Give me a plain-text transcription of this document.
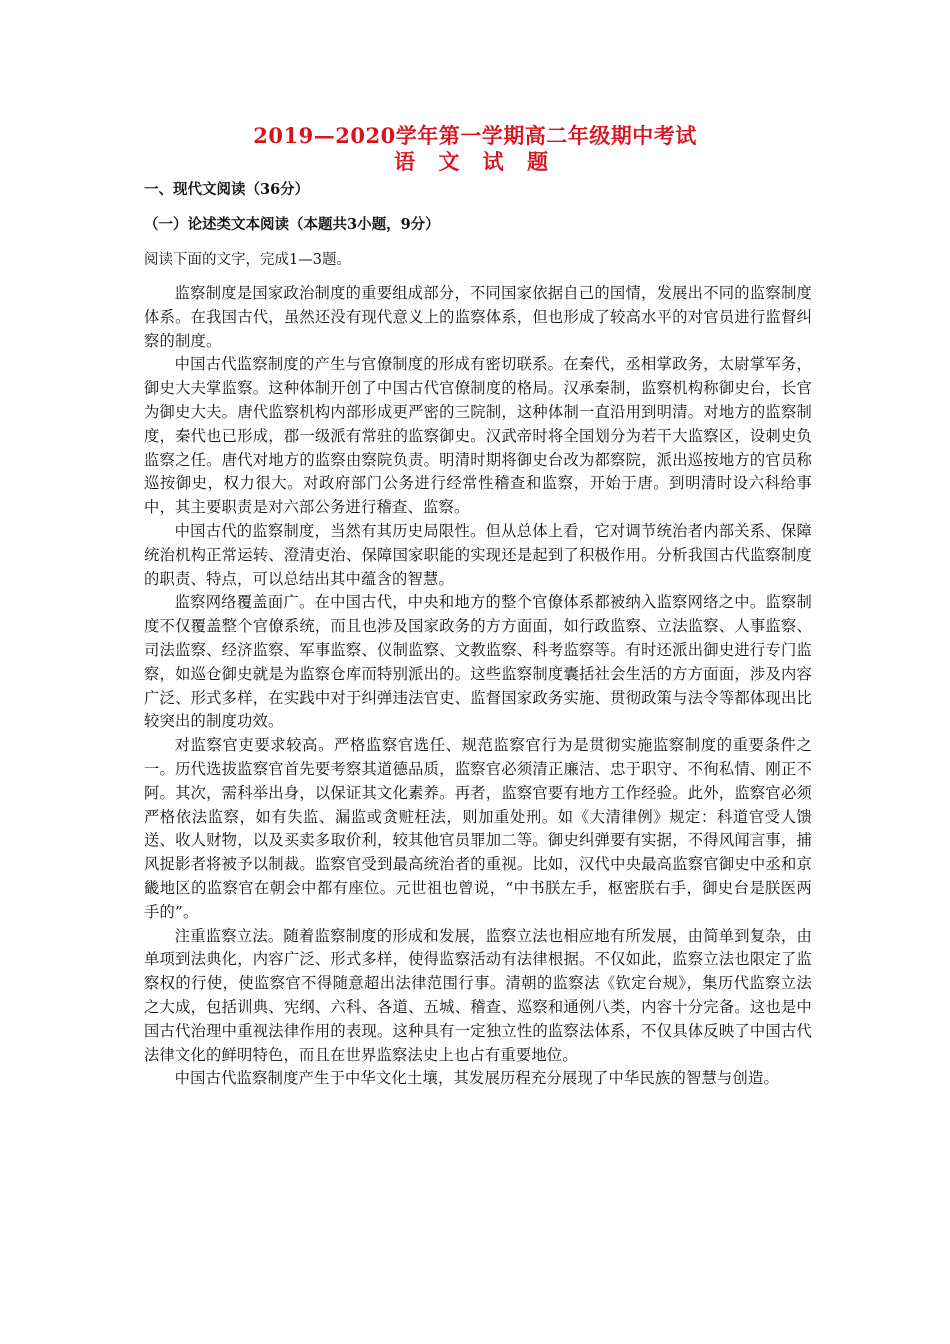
2019—2020学年第一学期高二年级期中考试
语 文 试 题
一、现代文阅读（36分）
（一）论述类文本阅读（本题共3小题，9分）
阅读下面的文字，完成1—3题。

监察制度是国家政治制度的重要组成部分，不同国家依据自己的国情，发展出不同的监察制度体系。在我国古代，虽然还没有现代意义上的监察体系，但也形成了较高水平的对官员进行监督纠察的制度。

中国古代监察制度的产生与官僚制度的形成有密切联系。在秦代，丞相掌政务，太尉掌军务，御史大夫掌监察。这种体制开创了中国古代官僚制度的格局。汉承秦制，监察机构称御史台，长官为御史大夫。唐代监察机构内部形成更严密的三院制，这种体制一直沿用到明清。对地方的监察制度，秦代也已形成，郡一级派有常驻的监察御史。汉武帝时将全国划分为若干大监察区，设刺史负监察之任。唐代对地方的监察由察院负责。明清时期将御史台改为都察院，派出巡按地方的官员称巡按御史，权力很大。对政府部门公务进行经常性稽查和监察，开始于唐。到明清时设六科给事中，其主要职责是对六部公务进行稽查、监察。

中国古代的监察制度，当然有其历史局限性。但从总体上看，它对调节统治者内部关系、保障统治机构正常运转、澄清吏治、保障国家职能的实现还是起到了积极作用。分析我国古代监察制度的职责、特点，可以总结出其中蕴含的智慧。

监察网络覆盖面广。在中国古代，中央和地方的整个官僚体系都被纳入监察网络之中。监察制度不仅覆盖整个官僚系统，而且也涉及国家政务的方方面面，如行政监察、立法监察、人事监察、司法监察、经济监察、军事监察、仪制监察、文教监察、科考监察等。有时还派出御史进行专门监察，如巡仓御史就是为监察仓库而特别派出的。这些监察制度囊括社会生活的方方面面，涉及内容广泛、形式多样，在实践中对于纠弹违法官吏、监督国家政务实施、贯彻政策与法令等都体现出比较突出的制度功效。

对监察官吏要求较高。严格监察官选任、规范监察官行为是贯彻实施监察制度的重要条件之一。历代选拔监察官首先要考察其道德品质，监察官必须清正廉洁、忠于职守、不徇私情、刚正不阿。其次，需科举出身，以保证其文化素养。再者，监察官要有地方工作经验。此外，监察官必须严格依法监察，如有失监、漏监或贪赃枉法，则加重处刑。如《大清律例》规定：科道官受人馈送、收人财物，以及买卖多取价利，较其他官员罪加二等。御史纠弹要有实据，不得风闻言事，捕风捉影者将被予以制裁。监察官受到最高统治者的重视。比如，汉代中央最高监察官御史中丞和京畿地区的监察官在朝会中都有座位。元世祖也曾说，“中书朕左手，枢密朕右手，御史台是朕医两手的”。

注重监察立法。随着监察制度的形成和发展，监察立法也相应地有所发展，由简单到复杂，由单项到法典化，内容广泛、形式多样，使得监察活动有法律根据。不仅如此，监察立法也限定了监察权的行使，使监察官不得随意超出法律范围行事。清朝的监察法《钦定台规》，集历代监察立法之大成，包括训典、宪纲、六科、各道、五城、稽查、巡察和通例八类，内容十分完备。这也是中国古代治理中重视法律作用的表现。这种具有一定独立性的监察法体系，不仅具体反映了中国古代法律文化的鲜明特色，而且在世界监察法史上也占有重要地位。

中国古代监察制度产生于中华文化土壤，其发展历程充分展现了中华民族的智慧与创造。
